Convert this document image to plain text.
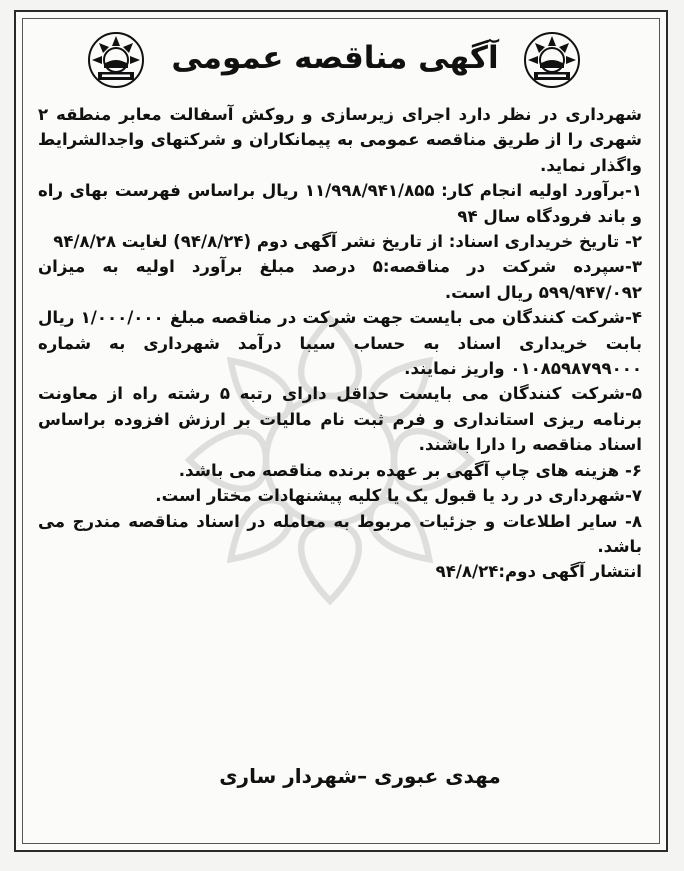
آگهی مناقصه عمومی

شهرداری در نظر دارد اجرای زیرسازی و روکش آسفالت معابر منطقه ۲ شهری را از طریق مناقصه عمومی به پیمانکاران و شرکتهای واجدالشرایط واگذار نماید.

۱-برآورد اولیه انجام کار: ۱۱/۹۹۸/۹۴۱/۸۵۵ ریال براساس فهرست بهای راه و باند فرودگاه سال ۹۴

۲- تاریخ خریداری اسناد: از تاریخ نشر آگهی دوم (۹۴/۸/۲۴) لغایت ۹۴/۸/۲۸

۳-سپرده شرکت در مناقصه:۵ درصد مبلغ برآورد اولیه به میزان ۵۹۹/۹۴۷/۰۹۲ ریال است.

۴-شرکت کنندگان می بایست جهت شرکت در مناقصه مبلغ ۱/۰۰۰/۰۰۰ ریال بابت خریداری اسناد به حساب سیبا درآمد شهرداری به شماره ۰۱۰۸۵۹۸۷۹۹۰۰۰ واریز نمایند.

۵-شرکت کنندگان می بایست حداقل دارای رتبه ۵ رشته راه از معاونت برنامه ریزی استانداری و فرم ثبت نام مالیات بر ارزش افزوده براساس اسناد مناقصه را دارا باشند.

۶- هزینه های چاپ آگهی بر عهده برنده مناقصه می باشد.

۷-شهرداری در رد یا قبول یک یا کلیه پیشنهادات مختار است.

۸- سایر اطلاعات و جزئیات مربوط به معامله در اسناد مناقصه مندرج می باشد.

انتشار آگهی دوم:۹۴/۸/۲۴

مهدی عبوری –شهردار ساری
